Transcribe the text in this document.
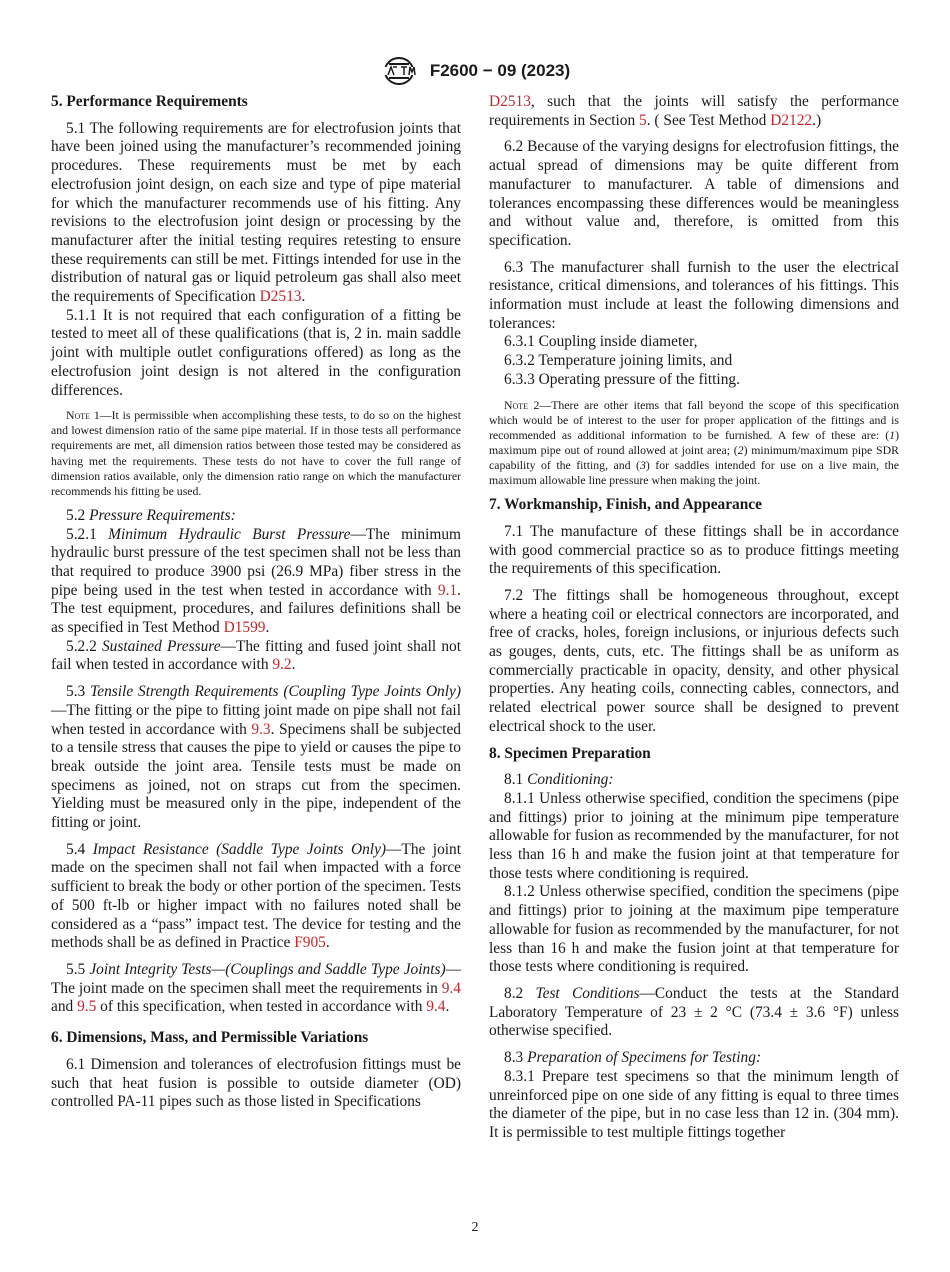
F2600 − 09 (2023)
5. Performance Requirements

5.1 The following requirements are for electrofusion joints that have been joined using the manufacturer’s recommended joining procedures. These requirements must be met by each electrofusion joint design, on each size and type of pipe material for which the manufacturer recommends use of his fitting. Any revisions to the electrofusion joint design or processing by the manufacturer after the initial testing requires retesting to ensure these requirements can still be met. Fittings intended for use in the distribution of natural gas or liquid petroleum gas shall also meet the requirements of Specification D2513.

5.1.1 It is not required that each configuration of a fitting be tested to meet all of these qualifications (that is, 2 in. main saddle joint with multiple outlet configurations offered) as long as the electrofusion joint design is not altered in the configuration differences.

Note 1—It is permissible when accomplishing these tests, to do so on the highest and lowest dimension ratio of the same pipe material. If in those tests all performance requirements are met, all dimension ratios between those tested may be considered as having met the requirements. These tests do not have to cover the full range of dimension ratios available, only the dimension ratio range on which the manufacturer recommends his fitting be used.

5.2 Pressure Requirements:

5.2.1 Minimum Hydraulic Burst Pressure—The minimum hydraulic burst pressure of the test specimen shall not be less than that required to produce 3900 psi (26.9 MPa) fiber stress in the pipe being used in the test when tested in accordance with 9.1. The test equipment, procedures, and failures definitions shall be as specified in Test Method D1599.

5.2.2 Sustained Pressure—The fitting and fused joint shall not fail when tested in accordance with 9.2.

5.3 Tensile Strength Requirements (Coupling Type Joints Only)—The fitting or the pipe to fitting joint made on pipe shall not fail when tested in accordance with 9.3. Specimens shall be subjected to a tensile stress that causes the pipe to yield or causes the pipe to break outside the joint area. Tensile tests must be made on specimens as joined, not on straps cut from the specimen. Yielding must be measured only in the pipe, independent of the fitting or joint.

5.4 Impact Resistance (Saddle Type Joints Only)—The joint made on the specimen shall not fail when impacted with a force sufficient to break the body or other portion of the specimen. Tests of 500 ft-lb or higher impact with no failures noted shall be considered as a “pass” impact test. The device for testing and the methods shall be as defined in Practice F905.

5.5 Joint Integrity Tests—(Couplings and Saddle Type Joints)—The joint made on the specimen shall meet the requirements in 9.4 and 9.5 of this specification, when tested in accordance with 9.4.

6. Dimensions, Mass, and Permissible Variations

6.1 Dimension and tolerances of electrofusion fittings must be such that heat fusion is possible to outside diameter (OD) controlled PA-11 pipes such as those listed in Specifications

D2513, such that the joints will satisfy the performance requirements in Section 5. ( See Test Method D2122.)

6.2 Because of the varying designs for electrofusion fittings, the actual spread of dimensions may be quite different from manufacturer to manufacturer. A table of dimensions and tolerances encompassing these differences would be meaningless and without value and, therefore, is omitted from this specification.

6.3 The manufacturer shall furnish to the user the electrical resistance, critical dimensions, and tolerances of his fittings. This information must include at least the following dimensions and tolerances:

6.3.1 Coupling inside diameter,

6.3.2 Temperature joining limits, and

6.3.3 Operating pressure of the fitting.

Note 2—There are other items that fall beyond the scope of this specification which would be of interest to the user for proper application of the fittings and is recommended as additional information to be furnished. A few of these are: (1) maximum pipe out of round allowed at joint area; (2) minimum/maximum pipe SDR capability of the fitting, and (3) for saddles intended for use on a live main, the maximum allowable line pressure when making the joint.

7. Workmanship, Finish, and Appearance

7.1 The manufacture of these fittings shall be in accordance with good commercial practice so as to produce fittings meeting the requirements of this specification.

7.2 The fittings shall be homogeneous throughout, except where a heating coil or electrical connectors are incorporated, and free of cracks, holes, foreign inclusions, or injurious defects such as gouges, dents, cuts, etc. The fittings shall be as uniform as commercially practicable in opacity, density, and other physical properties. Any heating coils, connecting cables, connectors, and related electrical power source shall be designed to prevent electrical shock to the user.

8. Specimen Preparation

8.1 Conditioning:

8.1.1 Unless otherwise specified, condition the specimens (pipe and fittings) prior to joining at the minimum pipe temperature allowable for fusion as recommended by the manufacturer, for not less than 16 h and make the fusion joint at that temperature for those tests where conditioning is required.

8.1.2 Unless otherwise specified, condition the specimens (pipe and fittings) prior to joining at the maximum pipe temperature allowable for fusion as recommended by the manufacturer, for not less than 16 h and make the fusion joint at that temperature for those tests where conditioning is required.

8.2 Test Conditions—Conduct the tests at the Standard Laboratory Temperature of 23 ± 2 °C (73.4 ± 3.6 °F) unless otherwise specified.

8.3 Preparation of Specimens for Testing:

8.3.1 Prepare test specimens so that the minimum length of unreinforced pipe on one side of any fitting is equal to three times the diameter of the pipe, but in no case less than 12 in. (304 mm). It is permissible to test multiple fittings together

2
